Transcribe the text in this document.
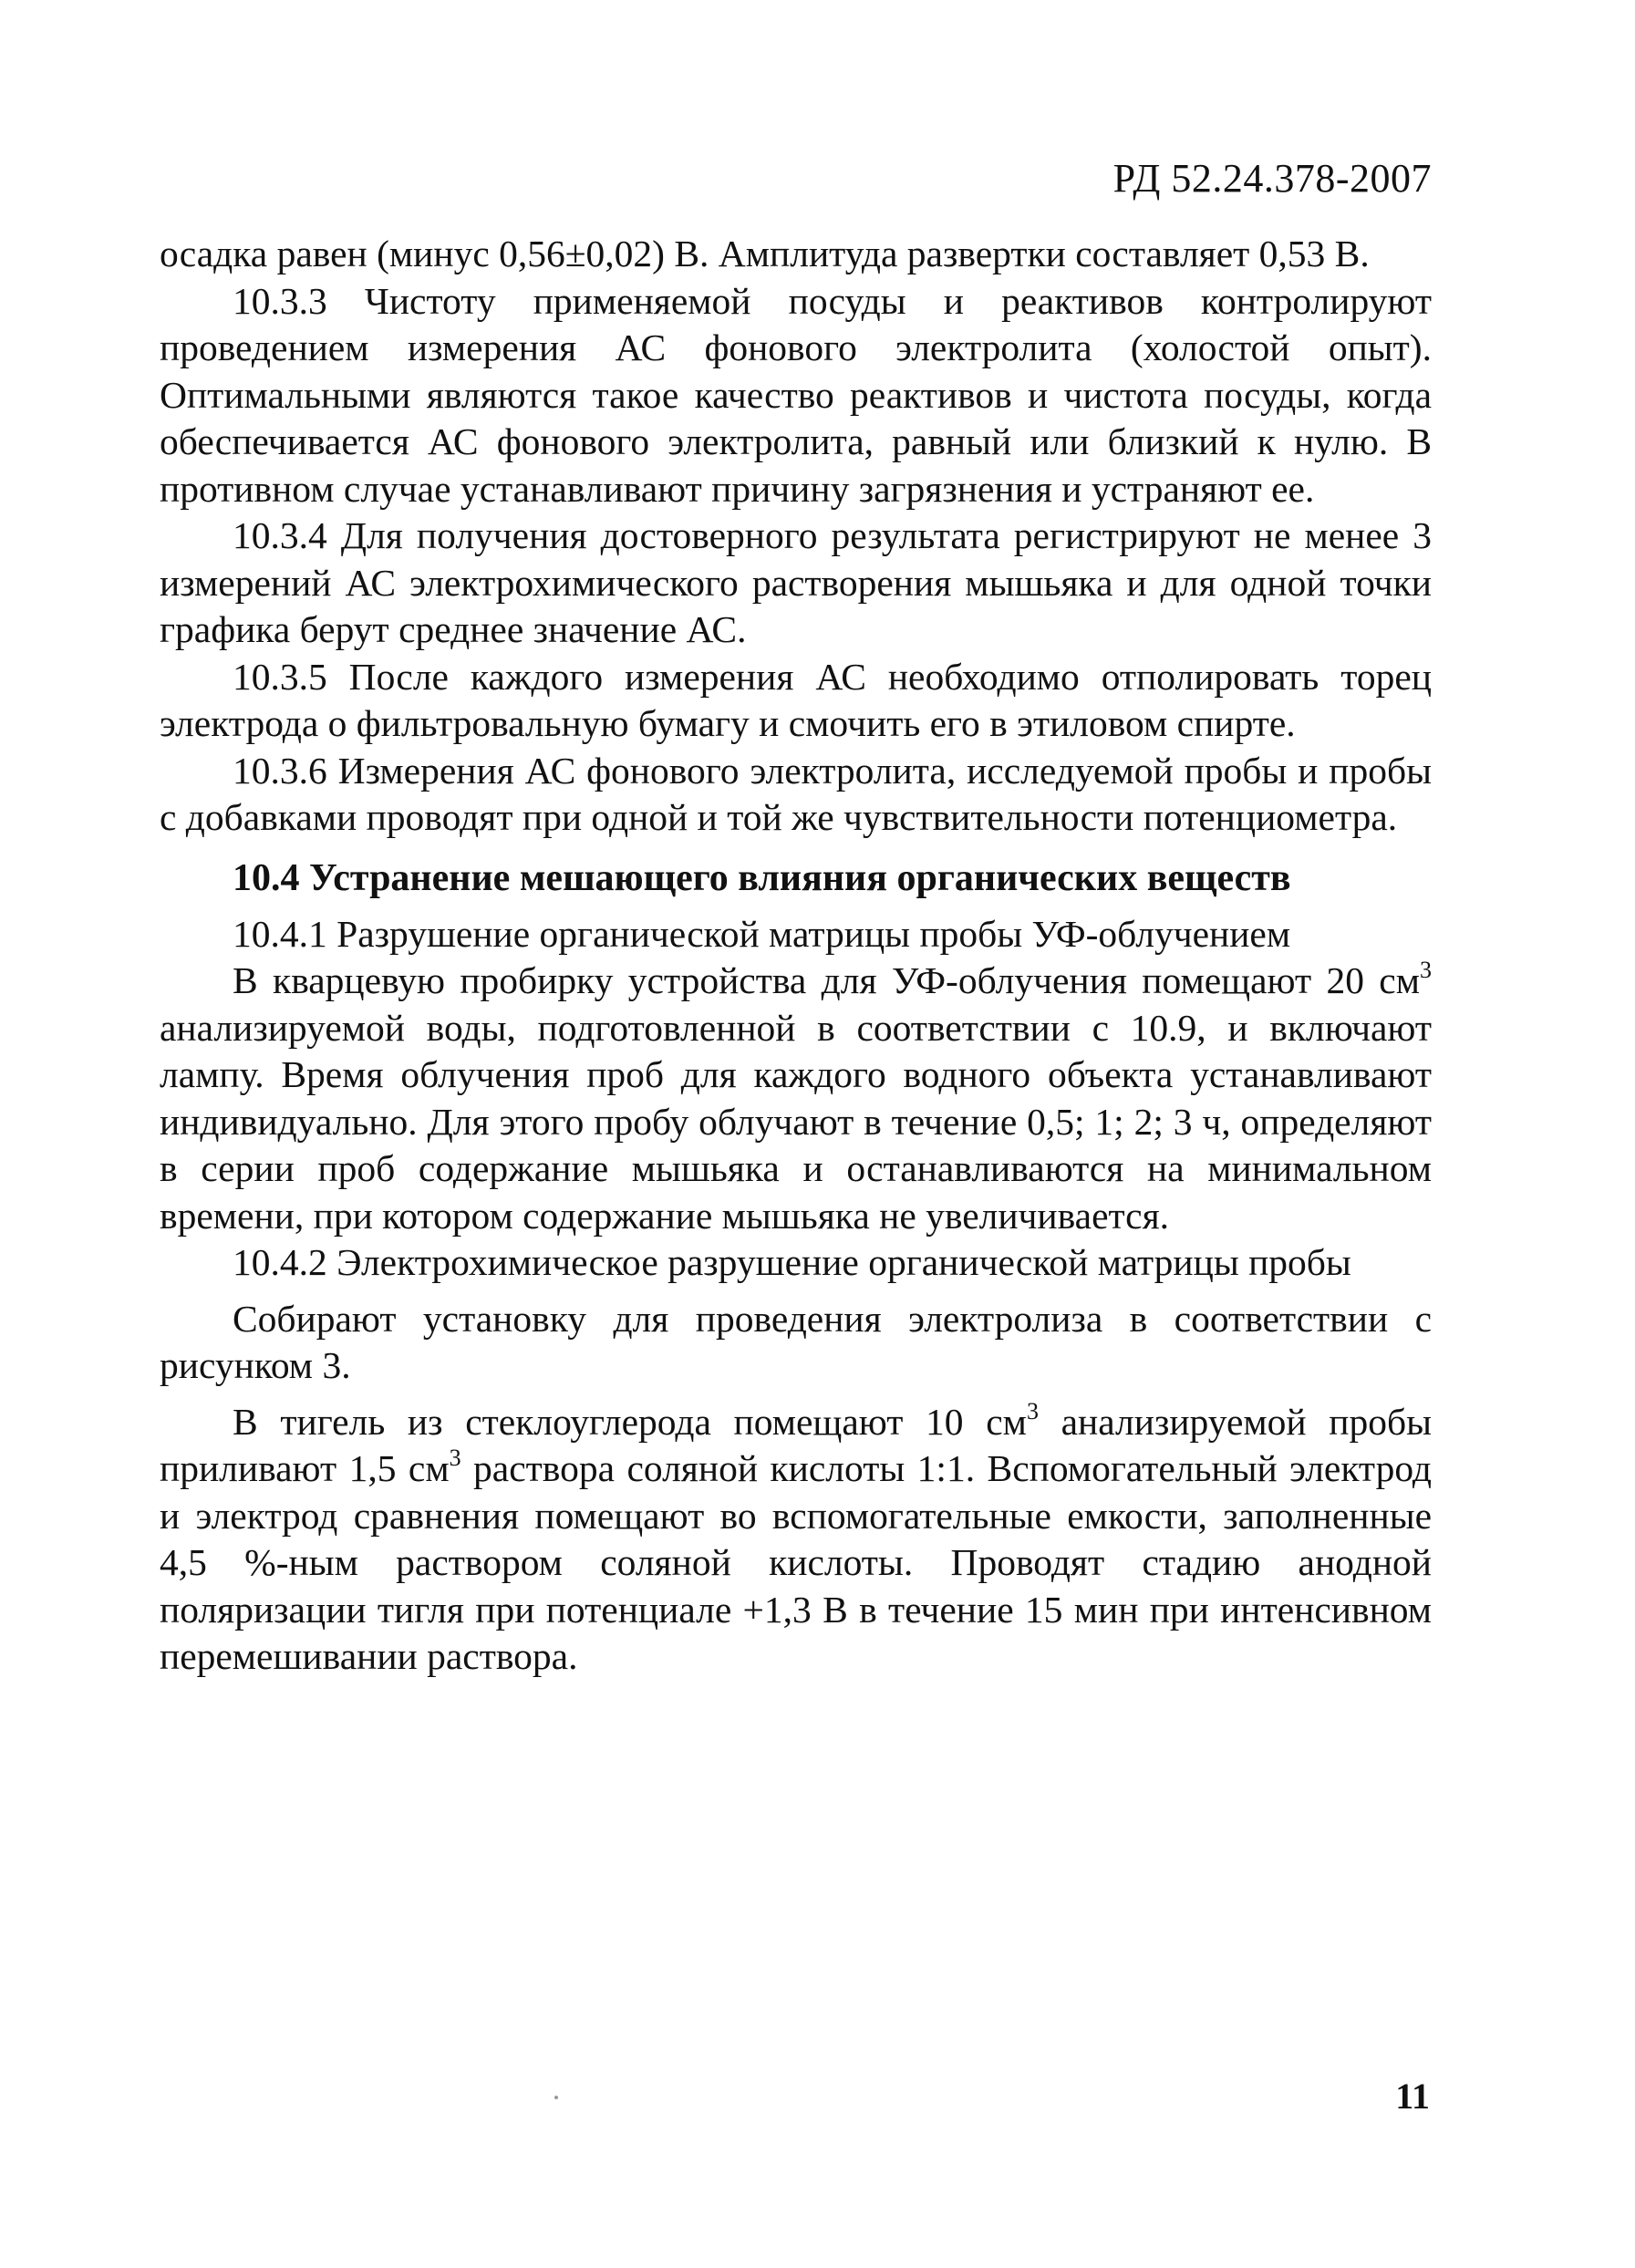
РД 52.24.378-2007

осадка равен (минус 0,56±0,02) В. Амплитуда развертки составляет 0,53 В.

10.3.3 Чистоту применяемой посуды и реактивов контролируют проведением измерения АС фонового электролита (холостой опыт). Оптимальными являются такое качество реактивов и чистота посуды, когда обеспечивается АС фонового электролита, равный или близкий к нулю. В противном случае устанавливают причину загрязнения и устраняют ее.

10.3.4 Для получения достоверного результата регистрируют не менее 3 измерений АС электрохимического растворения мышьяка и для одной точки графика берут среднее значение АС.

10.3.5 После каждого измерения АС необходимо отполировать торец электрода о фильтровальную бумагу и смочить его в этиловом спирте.

10.3.6 Измерения АС фонового электролита, исследуемой пробы и пробы с добавками проводят при одной и той же чувствительности потенциометра.

10.4 Устранение мешающего влияния органических веществ

10.4.1 Разрушение органической матрицы пробы УФ-облучением

В кварцевую пробирку устройства для УФ-облучения помещают 20 $см^3$ анализируемой воды, подготовленной в соответствии с 10.9, и включают лампу. Время облучения проб для каждого водного объекта устанавливают индивидуально. Для этого пробу облучают в течение 0,5; 1; 2; 3 ч, определяют в серии проб содержание мышьяка и останавливаются на минимальном времени, при котором содержание мышьяка не увеличивается.

10.4.2 Электрохимическое разрушение органической матрицы пробы

Собирают установку для проведения электролиза в соответствии с рисунком 3.

В тигель из стеклоуглерода помещают 10 $см^3$ анализируемой пробы приливают 1,5 $см^3$ раствора соляной кислоты 1:1. Вспомогательный электрод и электрод сравнения помещают во вспомогательные емкости, заполненные 4,5 %-ным раствором соляной кислоты. Проводят стадию анодной поляризации тигля при потенциале +1,3 В в течение 15 мин при интенсивном перемешивании раствора.

11
